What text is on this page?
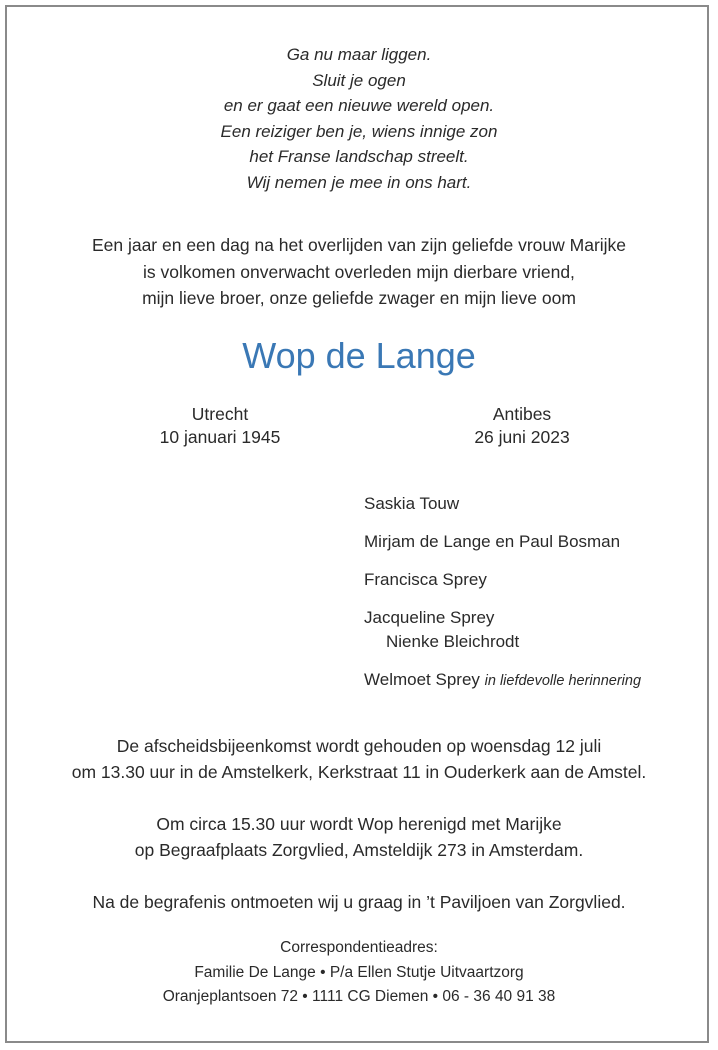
Ga nu maar liggen.
Sluit je ogen
en er gaat een nieuwe wereld open.
Een reiziger ben je, wiens innige zon
het Franse landschap streelt.
Wij nemen je mee in ons hart.
Een jaar en een dag na het overlijden van zijn geliefde vrouw Marijke
is volkomen onverwacht overleden mijn dierbare vriend,
mijn lieve broer, onze geliefde zwager en mijn lieve oom
Wop de Lange
Utrecht
10 januari 1945
Antibes
26 juni 2023
Saskia Touw
Mirjam de Lange en Paul Bosman
Francisca Sprey
Jacqueline Sprey
Nienke Bleichrodt
Welmoet Sprey in liefdevolle herinnering
De afscheidsbijeenkomst wordt gehouden op woensdag 12 juli
om 13.30 uur in de Amstelkerk, Kerkstraat 11 in Ouderkerk aan de Amstel.
Om circa 15.30 uur wordt Wop herenigd met Marijke
op Begraafplaats Zorgvlied, Amsteldijk 273 in Amsterdam.
Na de begrafenis ontmoeten wij u graag in ’t Paviljoen van Zorgvlied.
Correspondentieadres:
Familie De Lange • P/a Ellen Stutje Uitvaartzorg
Oranjeplantsoen 72 • 1111 CG Diemen • 06 - 36 40 91 38
